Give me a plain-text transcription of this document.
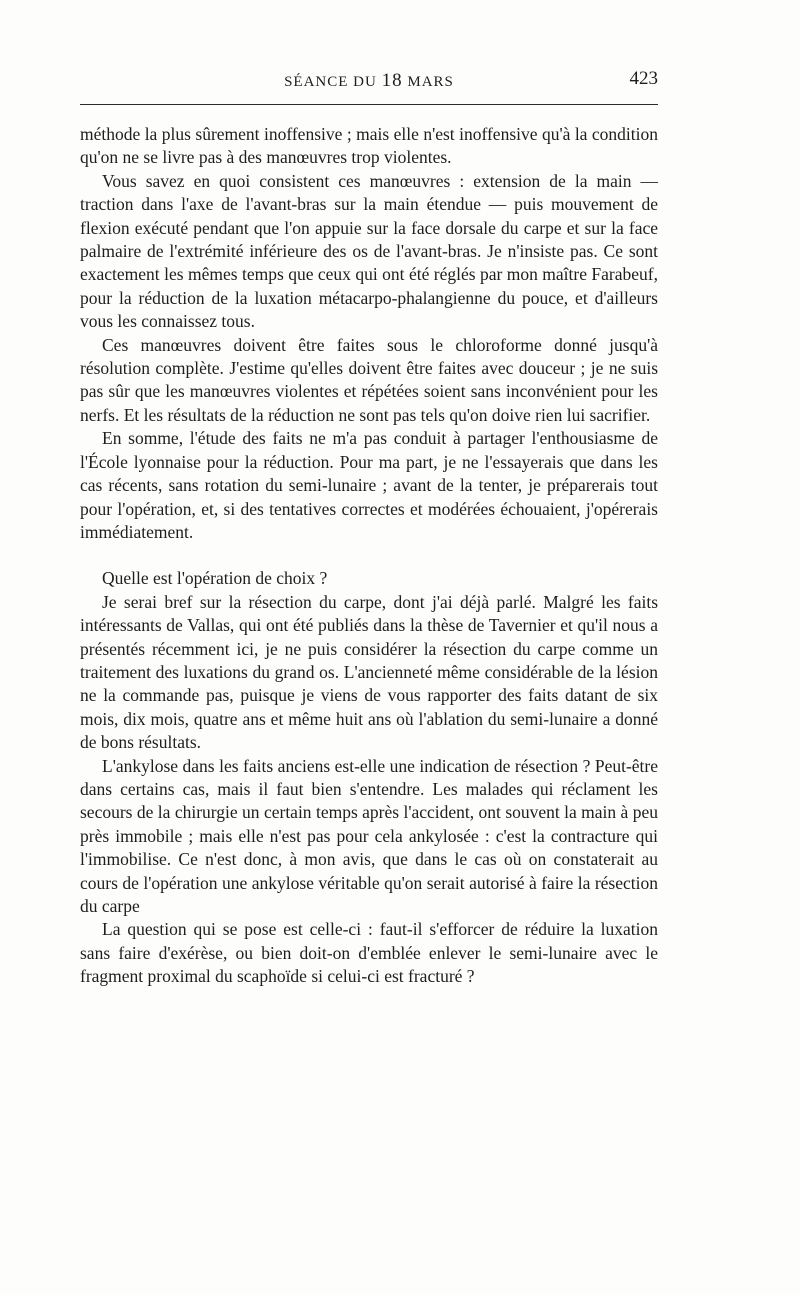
SÉANCE DU 18 MARS	423

méthode la plus sûrement inoffensive ; mais elle n'est inoffensive qu'à la condition qu'on ne se livre pas à des manœuvres trop violentes.

Vous savez en quoi consistent ces manœuvres : extension de la main — traction dans l'axe de l'avant-bras sur la main étendue — puis mouvement de flexion exécuté pendant que l'on appuie sur la face dorsale du carpe et sur la face palmaire de l'extrémité inférieure des os de l'avant-bras. Je n'insiste pas. Ce sont exactement les mêmes temps que ceux qui ont été réglés par mon maître Farabeuf, pour la réduction de la luxation métacarpo-phalangienne du pouce, et d'ailleurs vous les connaissez tous.

Ces manœuvres doivent être faites sous le chloroforme donné jusqu'à résolution complète. J'estime qu'elles doivent être faites avec douceur ; je ne suis pas sûr que les manœuvres violentes et répétées soient sans inconvénient pour les nerfs. Et les résultats de la réduction ne sont pas tels qu'on doive rien lui sacrifier.

En somme, l'étude des faits ne m'a pas conduit à partager l'enthousiasme de l'École lyonnaise pour la réduction. Pour ma part, je ne l'essayerais que dans les cas récents, sans rotation du semi-lunaire ; avant de la tenter, je préparerais tout pour l'opération, et, si des tentatives correctes et modérées échouaient, j'opérerais immédiatement.

Quelle est l'opération de choix ?

Je serai bref sur la résection du carpe, dont j'ai déjà parlé. Malgré les faits intéressants de Vallas, qui ont été publiés dans la thèse de Tavernier et qu'il nous a présentés récemment ici, je ne puis considérer la résection du carpe comme un traitement des luxations du grand os. L'ancienneté même considérable de la lésion ne la commande pas, puisque je viens de vous rapporter des faits datant de six mois, dix mois, quatre ans et même huit ans où l'ablation du semi-lunaire a donné de bons résultats.

L'ankylose dans les faits anciens est-elle une indication de résection ? Peut-être dans certains cas, mais il faut bien s'entendre. Les malades qui réclament les secours de la chirurgie un certain temps après l'accident, ont souvent la main à peu près immobile ; mais elle n'est pas pour cela ankylosée : c'est la contracture qui l'immobilise. Ce n'est donc, à mon avis, que dans le cas où on constaterait au cours de l'opération une ankylose véritable qu'on serait autorisé à faire la résection du carpe

La question qui se pose est celle-ci : faut-il s'efforcer de réduire la luxation sans faire d'exérèse, ou bien doit-on d'emblée enlever le semi-lunaire avec le fragment proximal du scaphoïde si celui-ci est fracturé ?
